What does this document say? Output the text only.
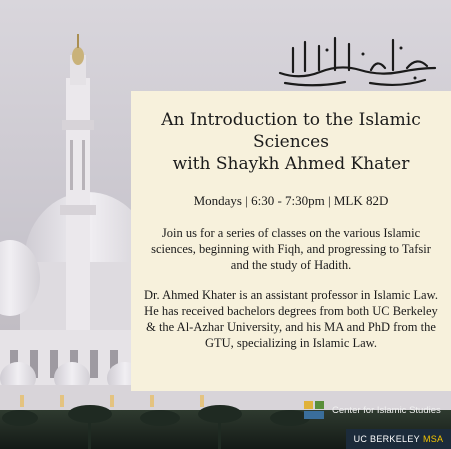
An Introduction to the Islamic Sciences
with Shaykh Ahmed Khater

Mondays | 6:30 - 7:30pm | MLK 82D

Join us for a series of classes on the various Islamic sciences, beginning with Fiqh, and progressing to Tafsir and the study of Hadith.

Dr. Ahmed Khater is an assistant professor in Islamic Law. He has received bachelors degrees from both UC Berkeley & the Al-Azhar University, and his MA and PhD from the GTU, specializing in Islamic Law.

Center for Islamic Studies
UC BERKELEY MSA
